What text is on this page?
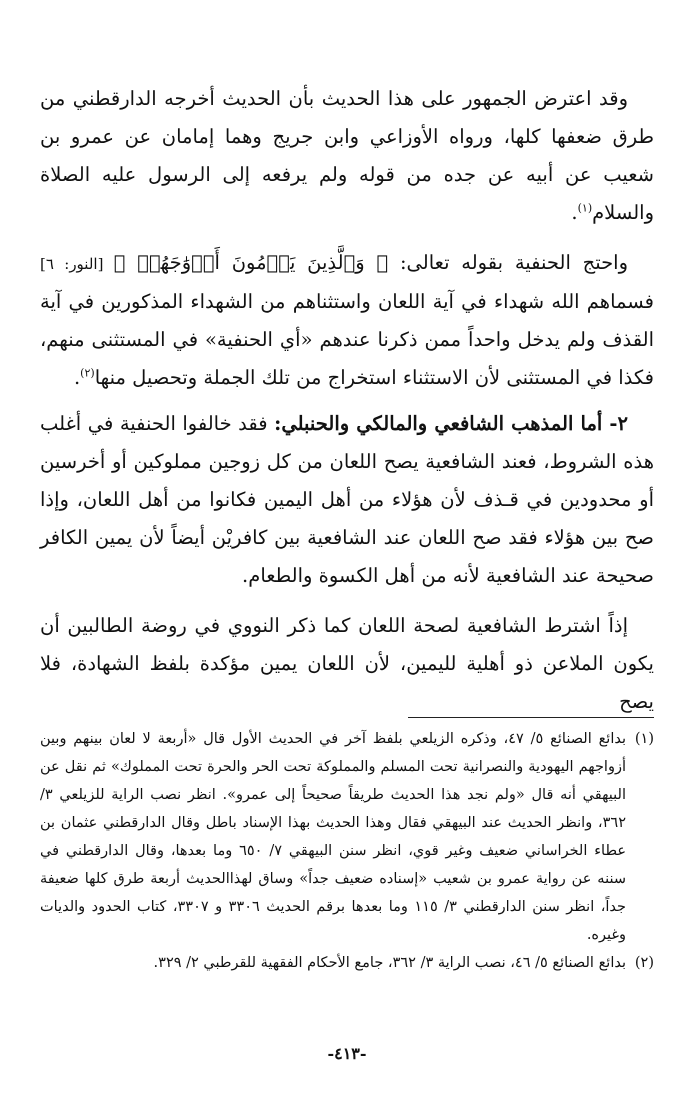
وقد اعترض الجمهور على هذا الحديث بأن الحديث أخرجه الدارقطني من طرق ضعفها كلها، ورواه الأوزاعي وابن جريج وهما إمامان عن عمرو بن شعيب عن أبيه عن جده من قوله ولم يرفعه إلى الرسول عليه الصلاة والسلام$^{(١)}$.

واحتج الحنفية بقوله تعالى: ﴿ وَٱلَّذِينَ يَرۡمُونَ أَزۡوَٰجَهُمۡ ﴾ [النور: ٦] فسماهم الله شهداء في آية اللعان واستثناهم من الشهداء المذكورين في آية القذف ولم يدخل واحداً ممن ذكرنا عندهم «أي الحنفية» في المستثنى منهم، فكذا في المستثنى لأن الاستثناء استخراج من تلك الجملة وتحصيل منها$^{(٢)}$.

٢- أما المذهب الشافعي والمالكي والحنبلي: فقد خالفوا الحنفية في أغلب هذه الشروط، فعند الشافعية يصح اللعان من كل زوجين مملوكين أو أخرسين أو محدودين في قـذف لأن هؤلاء من أهل اليمين فكانوا من أهل اللعان، وإذا صح بين هؤلاء فقد صح اللعان عند الشافعية بين كافريْن أيضاً لأن يمين الكافر صحيحة عند الشافعية لأنه من أهل الكسوة والطعام.

إذاً اشترط الشافعية لصحة اللعان كما ذكر النووي في روضة الطالبين أن يكون الملاعن ذو أهلية لليمين، لأن اللعان يمين مؤكدة بلفظ الشهادة، فلا يصح

(١)
بدائع الصنائع ٥/ ٤٧، وذكره الزيلعي بلفظ آخر في الحديث الأول قال «أربعة لا لعان بينهم وبين أزواجهم اليهودية والنصرانية تحت المسلم والمملوكة تحت الحر والحرة تحت المملوك» ثم نقل عن البيهقي أنه قال «ولم نجد هذا الحديث طريقاً صحيحاً إلى عمرو». انظر نصب الراية للزيلعي ٣/ ٣٦٢، وانظر الحديث عند البيهقي فقال وهذا الحديث بهذا الإسناد باطل وقال الدارقطني عثمان بن عطاء الخراساني ضعيف وغير قوي، انظر سنن البيهقي ٧/ ٦٥٠ وما بعدها، وقال الدارقطني في سننه عن رواية عمرو بن شعيب «إسناده ضعيف جداً» وساق لهذاالحديث أربعة طرق كلها ضعيفة جداً، انظر سنن الدارقطني ٣/ ١١٥ وما بعدها برقم الحديث ٣٣٠٦ و ٣٣٠٧، كتاب الحدود والديات وغيره.

(٢)
بدائع الصنائع ٥/ ٤٦، نصب الراية ٣/ ٣٦٢، جامع الأحكام الفقهية للقرطبي ٢/ ٣٢٩.

-٤١٣-
